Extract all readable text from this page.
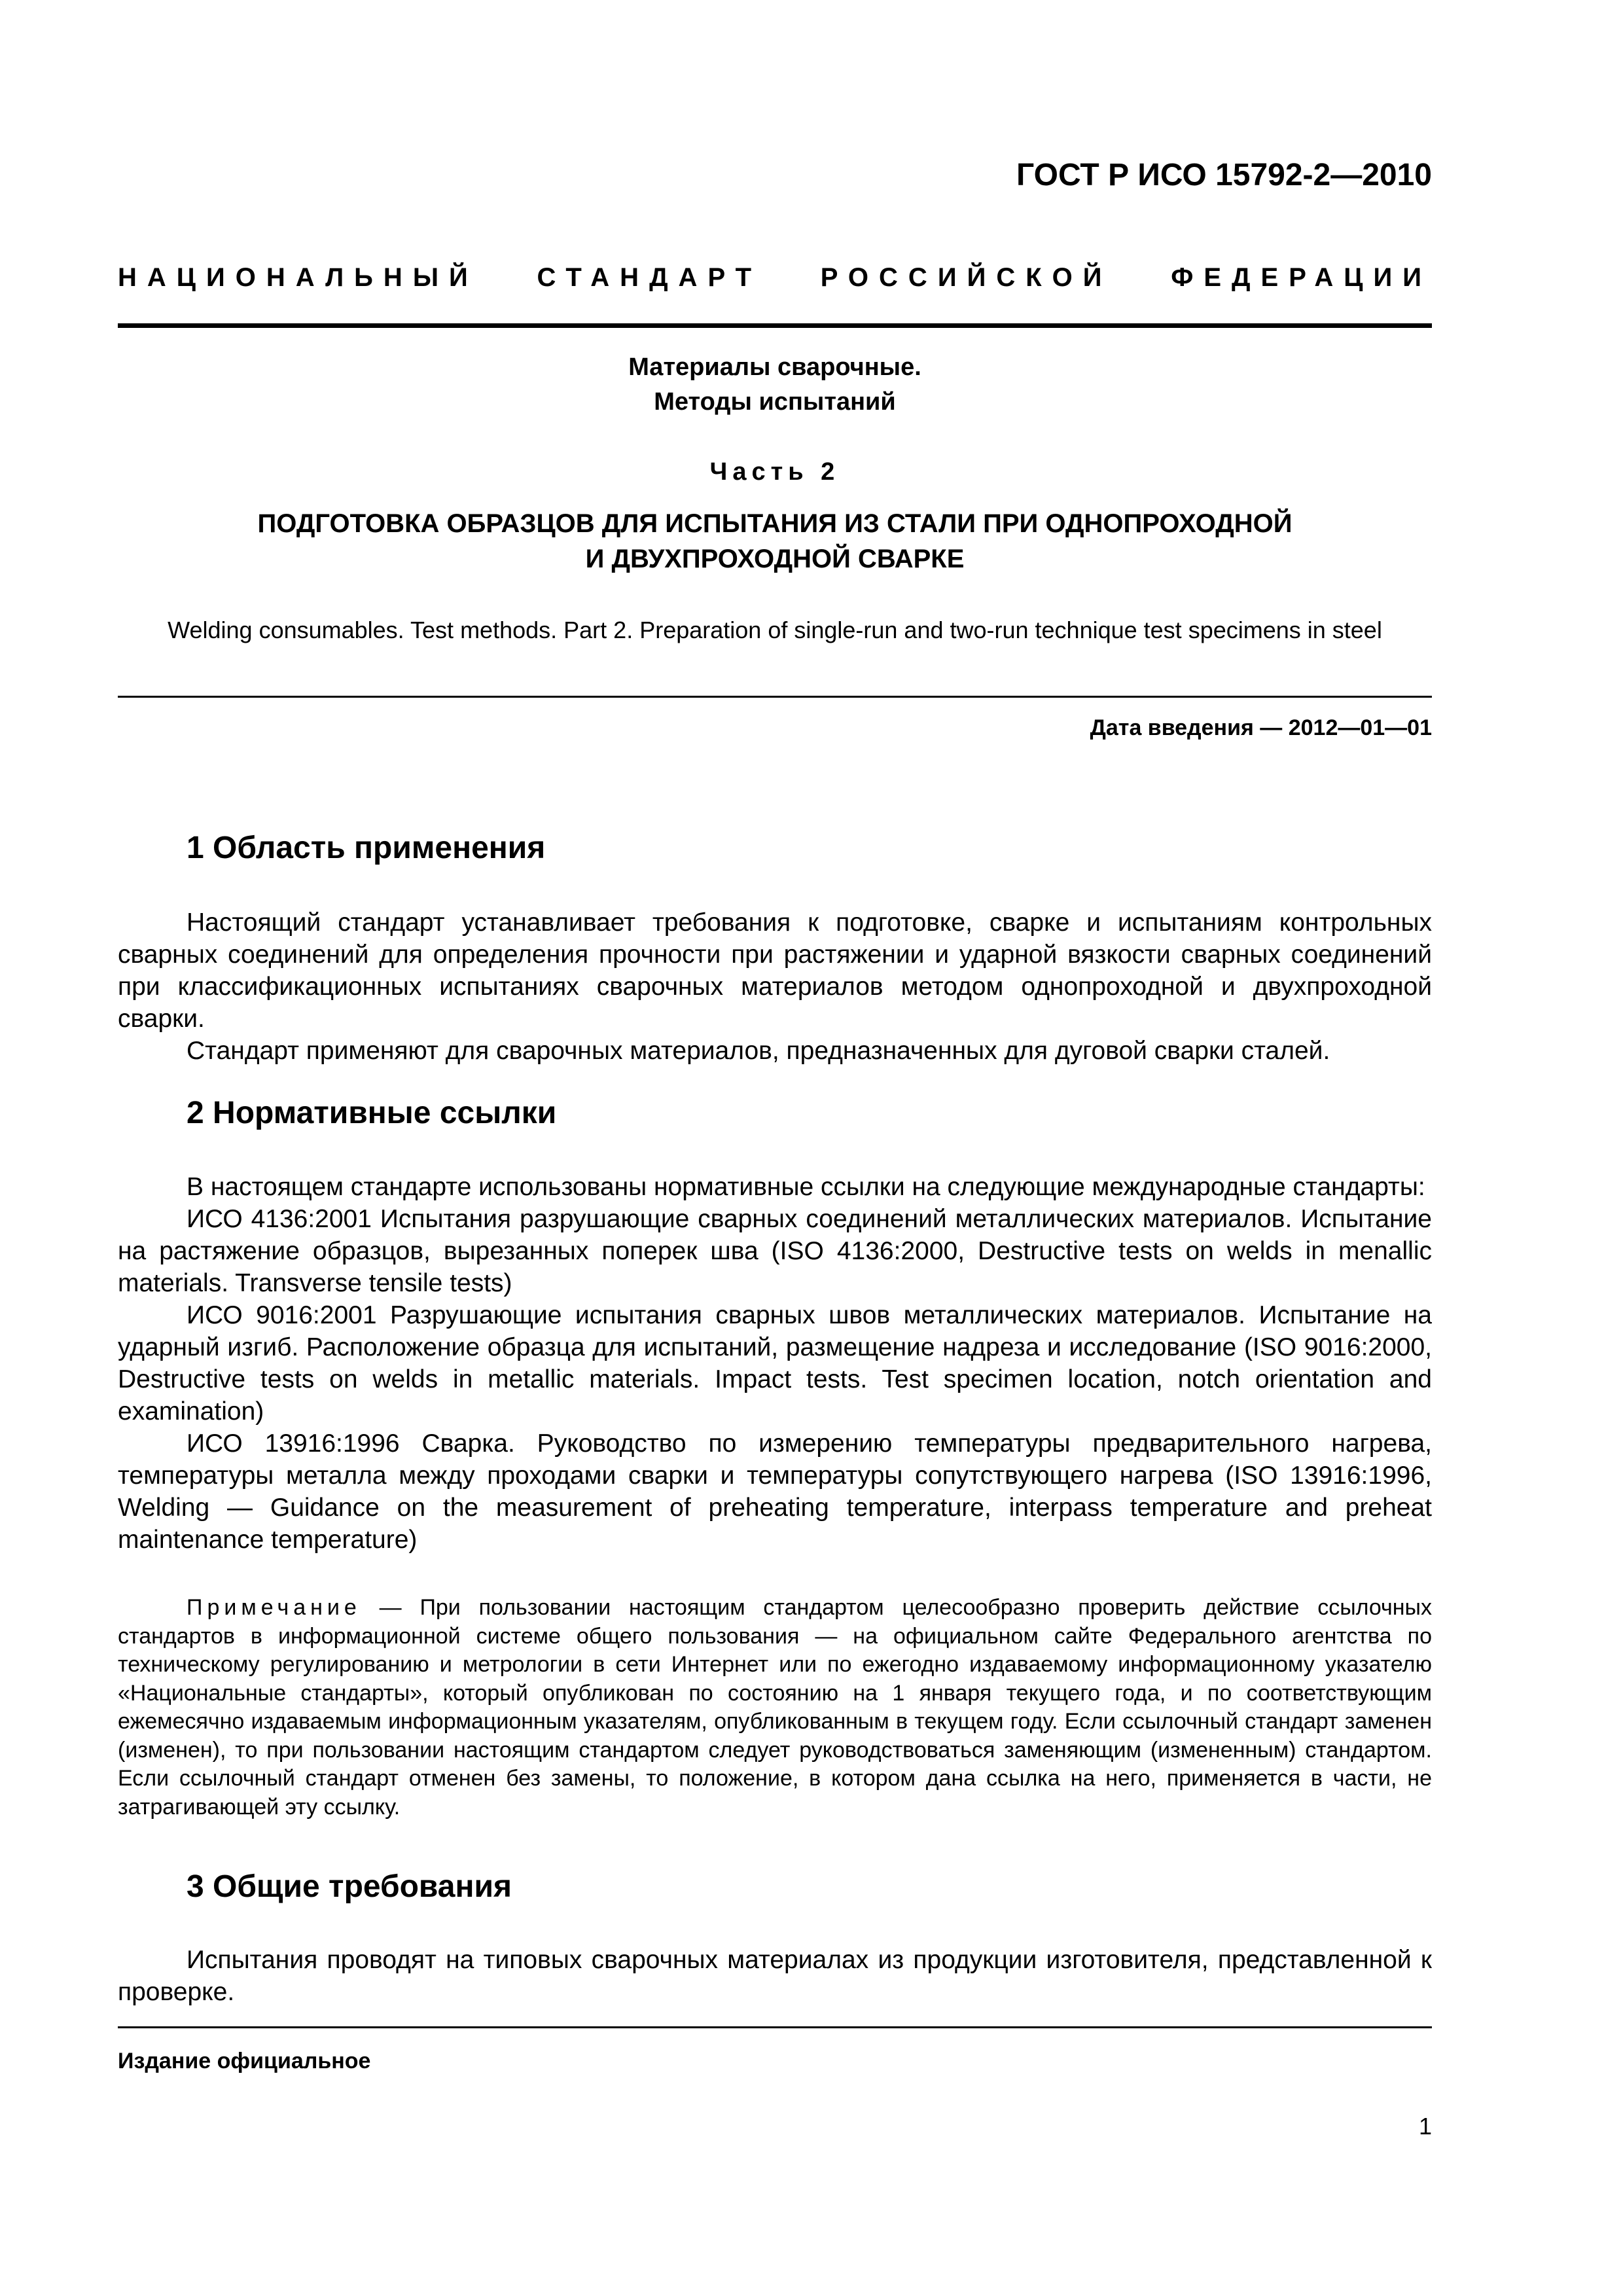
ГОСТ Р ИСО 15792-2—2010
НАЦИОНАЛЬНЫЙ СТАНДАРТ РОССИЙСКОЙ ФЕДЕРАЦИИ
Материалы сварочные.
Методы испытаний
Часть 2
ПОДГОТОВКА ОБРАЗЦОВ ДЛЯ ИСПЫТАНИЯ ИЗ СТАЛИ ПРИ ОДНОПРОХОДНОЙ
И ДВУХПРОХОДНОЙ СВАРКЕ
Welding consumables. Test methods. Part 2. Preparation of single-run and two-run technique test specimens in steel
Дата введения — 2012—01—01
1 Область применения

Настоящий стандарт устанавливает требования к подготовке, сварке и испытаниям контрольных сварных соединений для определения прочности при растяжении и ударной вязкости сварных соединений при классификационных испытаниях сварочных материалов методом однопроходной и двухпроходной сварки.

Стандарт применяют для сварочных материалов, предназначенных для дуговой сварки сталей.

2 Нормативные ссылки

В настоящем стандарте использованы нормативные ссылки на следующие международные стандарты:

ИСО 4136:2001 Испытания разрушающие сварных соединений металлических материалов. Испытание на растяжение образцов, вырезанных поперек шва (ISO 4136:2000, Destructive tests on welds in menallic materials. Transverse tensile tests)

ИСО 9016:2001 Разрушающие испытания сварных швов металлических материалов. Испытание на ударный изгиб. Расположение образца для испытаний, размещение надреза и исследование (ISO 9016:2000, Destructive tests on welds in metallic materials. Impact tests. Test specimen location, notch orientation and examination)

ИСО 13916:1996 Сварка. Руководство по измерению температуры предварительного нагрева, температуры металла между проходами сварки и температуры сопутствующего нагрева (ISO 13916:1996, Welding — Guidance on the measurement of preheating temperature, interpass temperature and preheat maintenance temperature)

Примечание — При пользовании настоящим стандартом целесообразно проверить действие ссылочных стандартов в информационной системе общего пользования — на официальном сайте Федерального агентства по техническому регулированию и метрологии в сети Интернет или по ежегодно издаваемому информационному указателю «Национальные стандарты», который опубликован по состоянию на 1 января текущего года, и по соответствующим ежемесячно издаваемым информационным указателям, опубликованным в текущем году. Если ссылочный стандарт заменен (изменен), то при пользовании настоящим стандартом следует руководствоваться заменяющим (измененным) стандартом. Если ссылочный стандарт отменен без замены, то положение, в котором дана ссылка на него, применяется в части, не затрагивающей эту ссылку.

3 Общие требования

Испытания проводят на типовых сварочных материалах из продукции изготовителя, представленной к проверке.

Издание официальное
1
